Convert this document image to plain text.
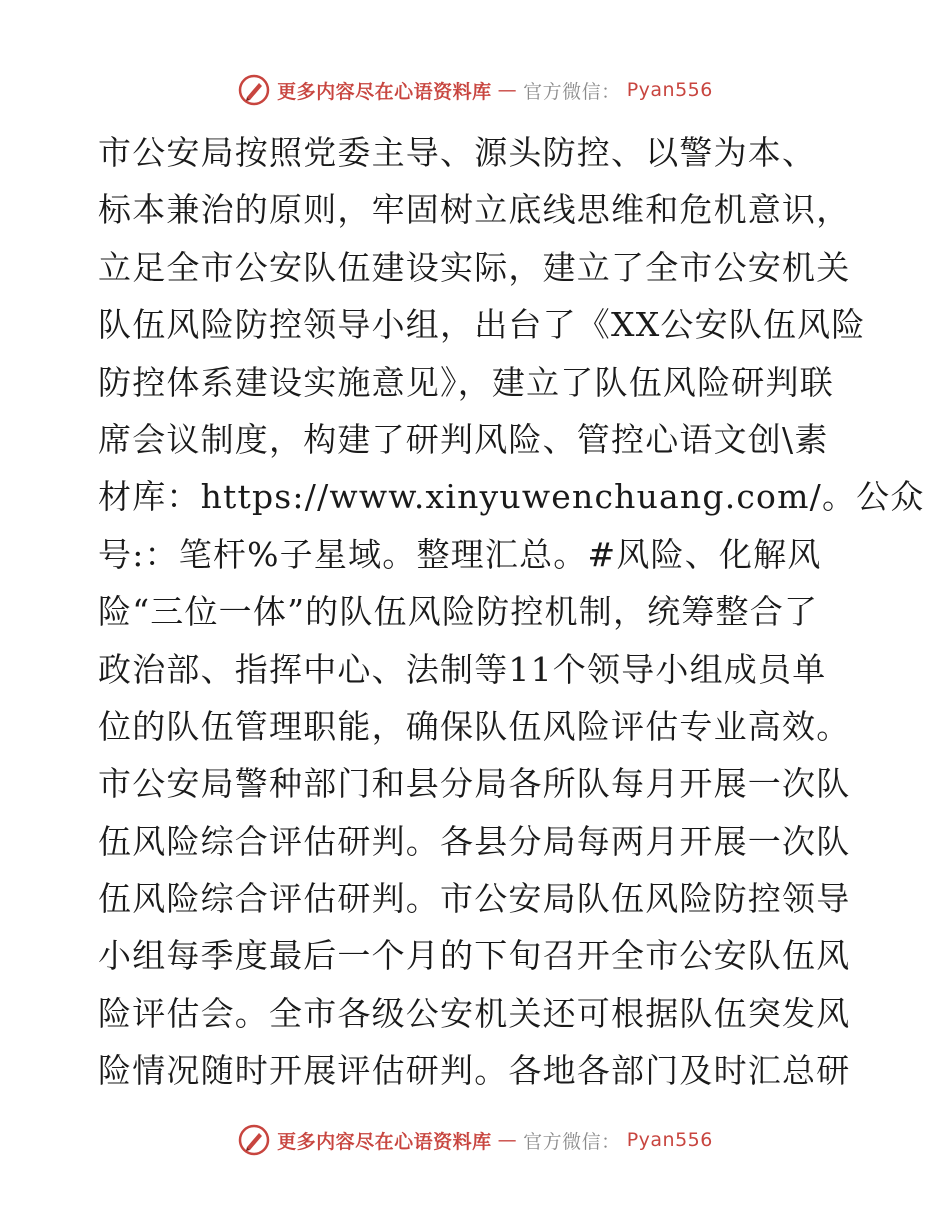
更多内容尽在心语资料库 — 官方微信： Pyan556
市公安局按照党委主导、源头防控、以警为本、
标本兼治的原则，牢固树立底线思维和危机意识，
立足全市公安队伍建设实际，建立了全市公安机关
队伍风险防控领导小组，出台了《XX公安队伍风险
防控体系建设实施意见》，建立了队伍风险研判联
席会议制度，构建了研判风险、管控心语文创\素
材库：https://www.xinyuwenchuang.com/。公众
号:：笔杆%子星域。整理汇总。#风险、化解风
险“三位一体”的队伍风险防控机制，统筹整合了
政治部、指挥中心、法制等11个领导小组成员单
位的队伍管理职能，确保队伍风险评估专业高效。
市公安局警种部门和县分局各所队每月开展一次队
伍风险综合评估研判。各县分局每两月开展一次队
伍风险综合评估研判。市公安局队伍风险防控领导
小组每季度最后一个月的下旬召开全市公安队伍风
险评估会。全市各级公安机关还可根据队伍突发风
险情况随时开展评估研判。各地各部门及时汇总研
更多内容尽在心语资料库 — 官方微信： Pyan556
